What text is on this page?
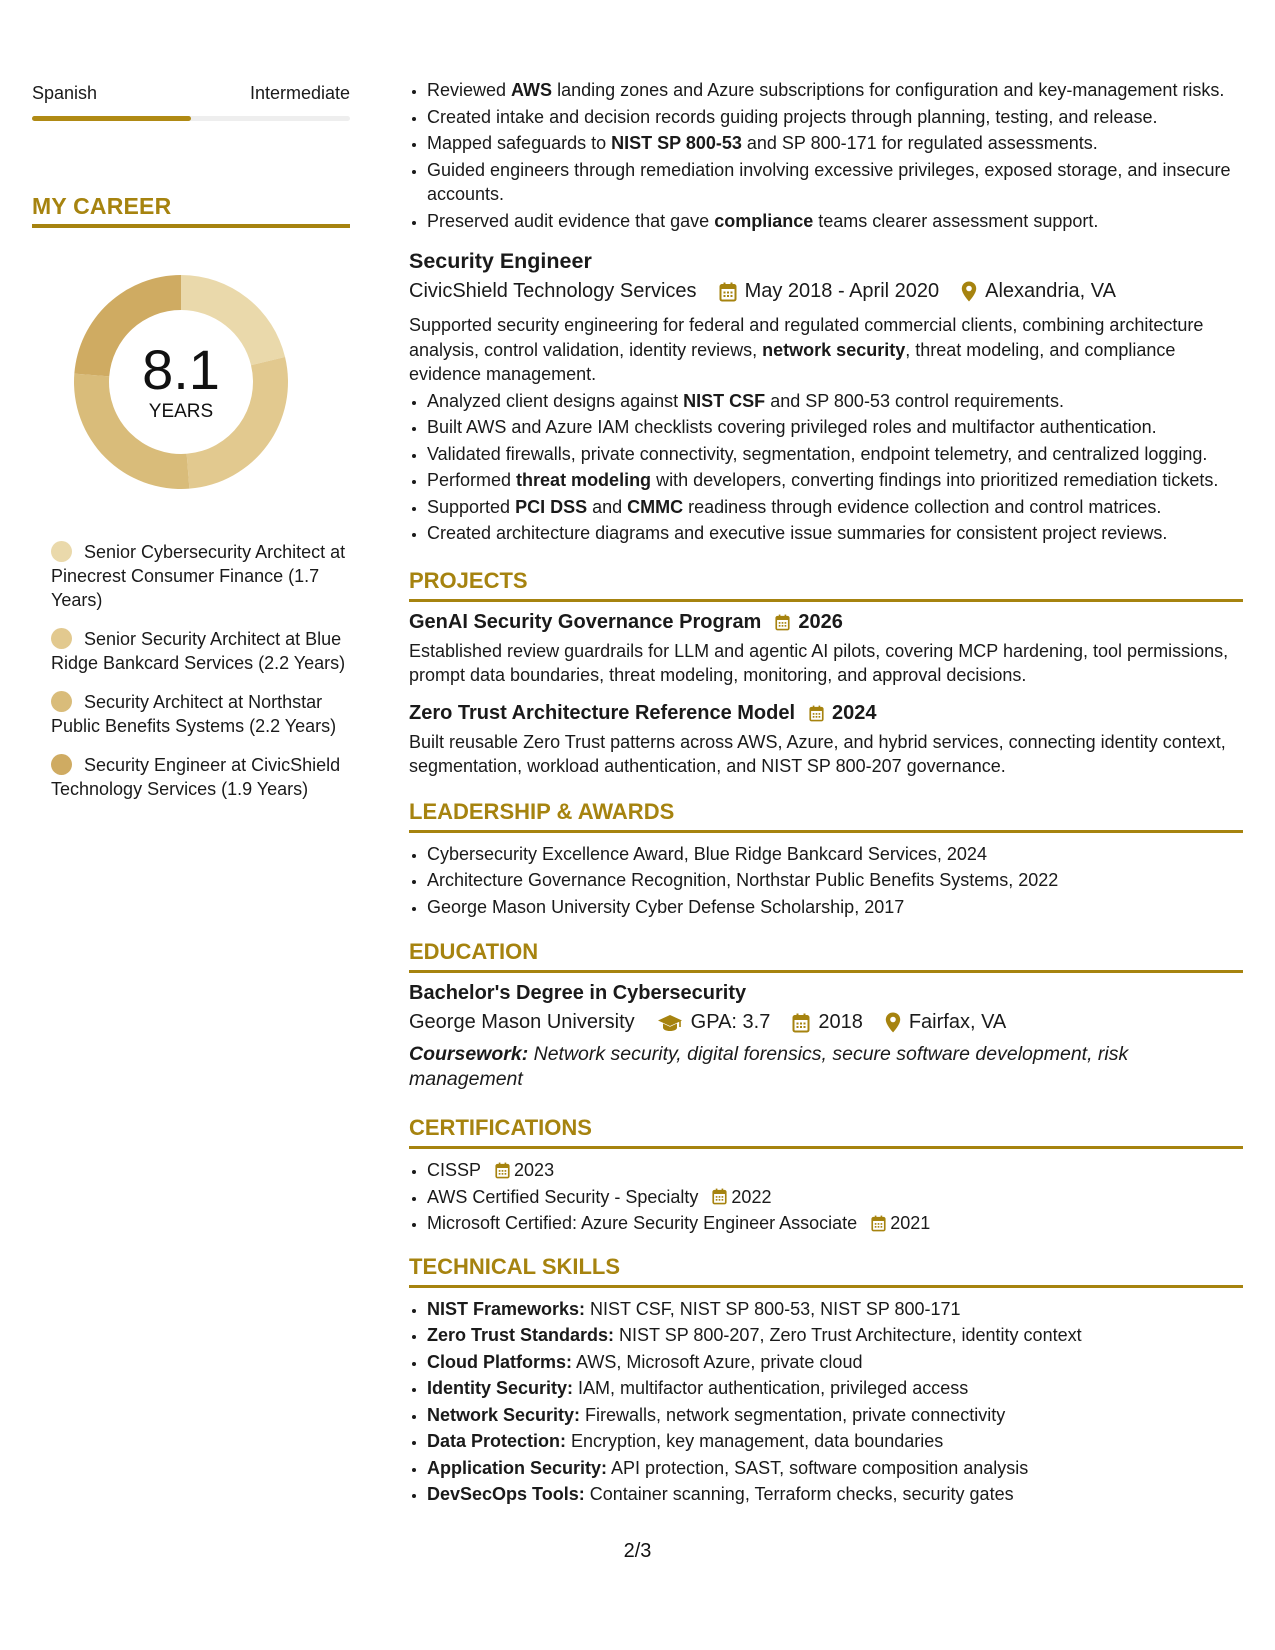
Spanish	Intermediate
MY CAREER
8.1
YEARS
Senior Cybersecurity Architect at Pinecrest Consumer Finance (1.7 Years)
Senior Security Architect at Blue Ridge Bankcard Services (2.2 Years)
Security Architect at Northstar Public Benefits Systems (2.2 Years)
Security Engineer at CivicShield Technology Services (1.9 Years)
• Reviewed AWS landing zones and Azure subscriptions for configuration and key-management risks.
• Created intake and decision records guiding projects through planning, testing, and release.
• Mapped safeguards to NIST SP 800-53 and SP 800-171 for regulated assessments.
• Guided engineers through remediation involving excessive privileges, exposed storage, and insecure accounts.
• Preserved audit evidence that gave compliance teams clearer assessment support.
Security Engineer
CivicShield Technology Services May 2018 - April 2020 Alexandria, VA
Supported security engineering for federal and regulated commercial clients, combining architecture analysis, control validation, identity reviews, network security, threat modeling, and compliance evidence management.
• Analyzed client designs against NIST CSF and SP 800-53 control requirements.
• Built AWS and Azure IAM checklists covering privileged roles and multifactor authentication.
• Validated firewalls, private connectivity, segmentation, endpoint telemetry, and centralized logging.
• Performed threat modeling with developers, converting findings into prioritized remediation tickets.
• Supported PCI DSS and CMMC readiness through evidence collection and control matrices.
• Created architecture diagrams and executive issue summaries for consistent project reviews.
PROJECTS
GenAI Security Governance Program 2026
Established review guardrails for LLM and agentic AI pilots, covering MCP hardening, tool permissions, prompt data boundaries, threat modeling, monitoring, and approval decisions.
Zero Trust Architecture Reference Model 2024
Built reusable Zero Trust patterns across AWS, Azure, and hybrid services, connecting identity context, segmentation, workload authentication, and NIST SP 800-207 governance.
LEADERSHIP & AWARDS
• Cybersecurity Excellence Award, Blue Ridge Bankcard Services, 2024
• Architecture Governance Recognition, Northstar Public Benefits Systems, 2022
• George Mason University Cyber Defense Scholarship, 2017
EDUCATION
Bachelor's Degree in Cybersecurity
George Mason University	GPA: 3.7 2018 Fairfax, VA
Coursework: Network security, digital forensics, secure software development, risk management
CERTIFICATIONS
• CISSP 2023
• AWS Certified Security - Specialty 2022
• Microsoft Certified: Azure Security Engineer Associate 2021
TECHNICAL SKILLS
• NIST Frameworks: NIST CSF, NIST SP 800-53, NIST SP 800-171
• Zero Trust Standards: NIST SP 800-207, Zero Trust Architecture, identity context
• Cloud Platforms: AWS, Microsoft Azure, private cloud
• Identity Security: IAM, multifactor authentication, privileged access
• Network Security: Firewalls, network segmentation, private connectivity
• Data Protection: Encryption, key management, data boundaries
• Application Security: API protection, SAST, software composition analysis
• DevSecOps Tools: Container scanning, Terraform checks, security gates
2/3
